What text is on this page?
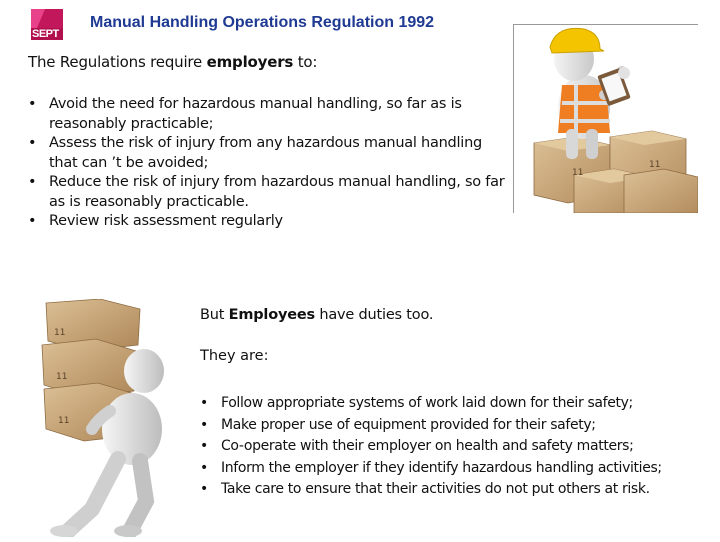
SEPT
Manual Handling Operations Regulation 1992
The Regulations require employers to:
• Avoid the need for hazardous manual handling, so far as is reasonably practicable;
• Assess the risk of injury from any hazardous manual handling that can ’t be avoided;
• Reduce the risk of injury from hazardous manual handling, so far as is reasonably practicable.
• Review risk assessment regularly
11
11
11
11
11
But Employees have duties too.
They are:
• Follow appropriate systems of work laid down for their safety;
• Make proper use of equipment provided for their safety;
• Co-operate with their employer on health and safety matters;
• Inform the employer if they identify hazardous handling activities;
• Take care to ensure that their activities do not put others at risk.
